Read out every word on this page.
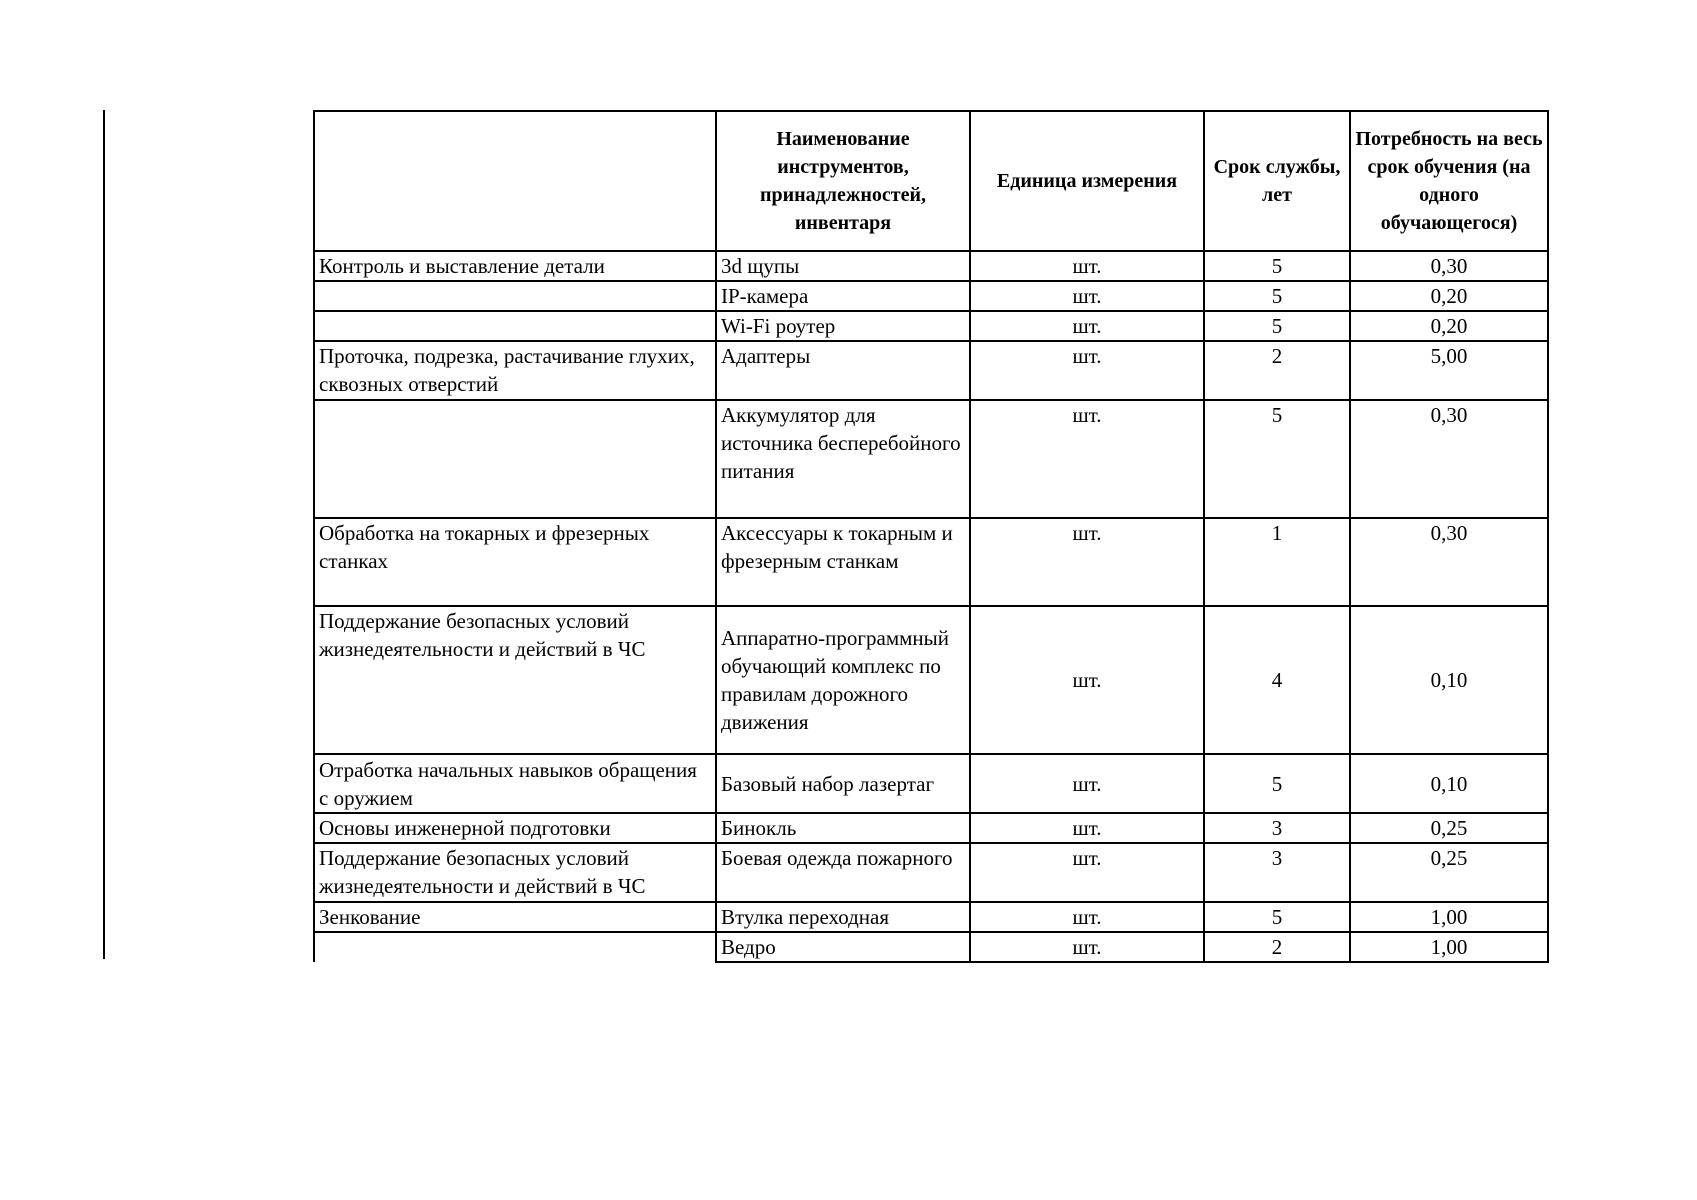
	Наименование инструментов, принадлежностей, инвентаря	Единица измерения	Срок службы, лет	Потребность на весь срок обучения (на одного обучающегося)
Контроль и выставление детали	3d щупы	шт.	5	0,30
	IP-камера	шт.	5	0,20
	Wi-Fi роутер	шт.	5	0,20
Проточка, подрезка, растачивание глухих, сквозных отверстий	Адаптеры	шт.	2	5,00
	Аккумулятор для источника бесперебойного питания	шт.	5	0,30
Обработка на токарных и фрезерных станках	Аксессуары к токарным и фрезерным станкам	шт.	1	0,30
Поддержание безопасных условий жизнедеятельности и действий в ЧС	Аппаратно-программный обучающий комплекс по правилам дорожного движения	шт.	4	0,10
Отработка начальных навыков обращения с оружием	Базовый набор лазертаг	шт.	5	0,10
Основы инженерной подготовки	Бинокль	шт.	3	0,25
Поддержание безопасных условий жизнедеятельности и действий в ЧС	Боевая одежда пожарного	шт.	3	0,25
Зенкование	Втулка переходная	шт.	5	1,00
	Ведро	шт.	2	1,00
